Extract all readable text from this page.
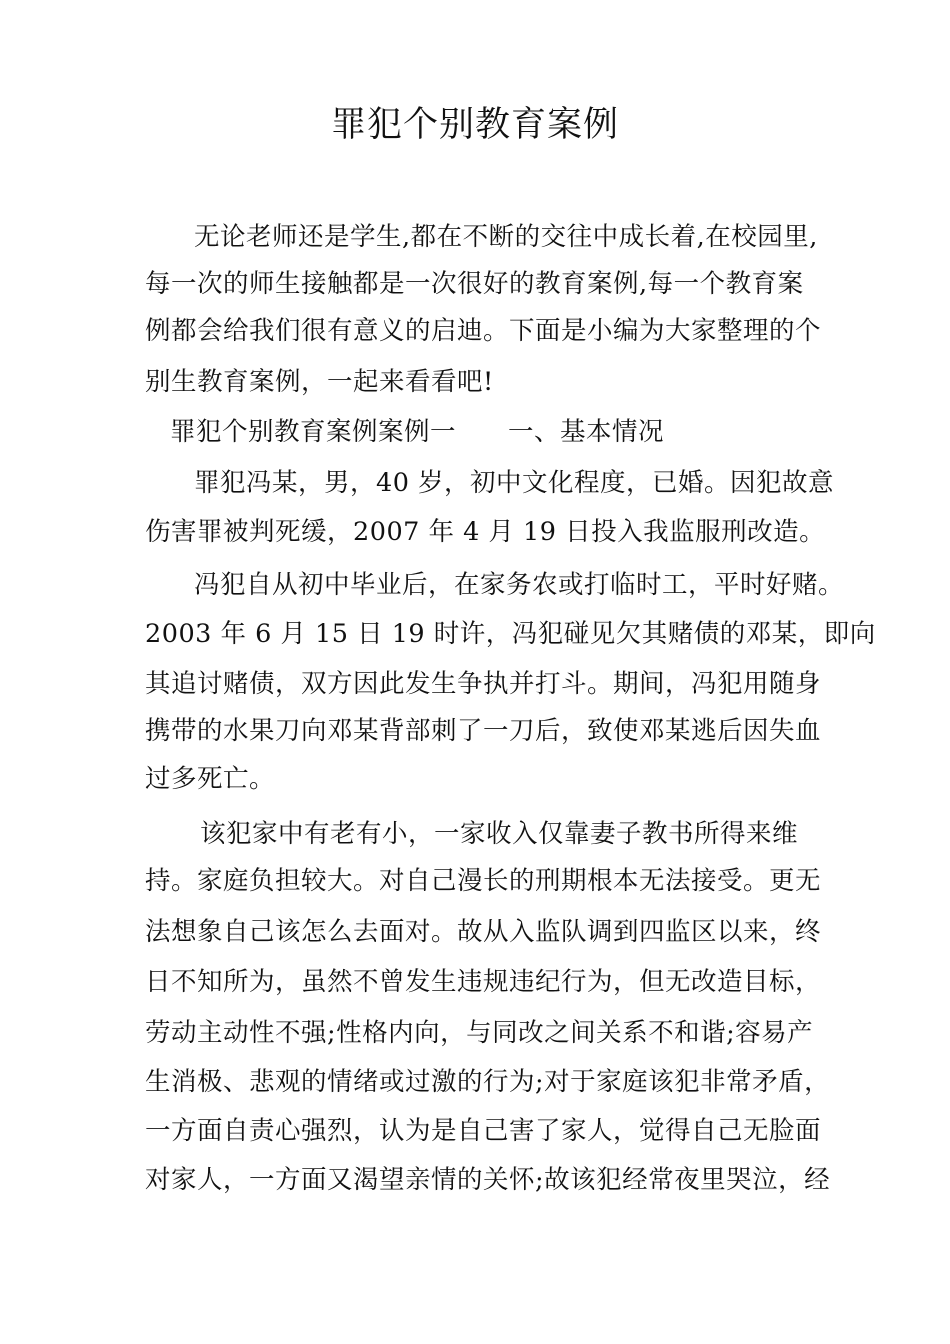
罪犯个别教育案例
无论老师还是学生,都在不断的交往中成长着,在校园里,
每一次的师生接触都是一次很好的教育案例,每一个教育案
例都会给我们很有意义的启迪。下面是小编为大家整理的个
别生教育案例，一起来看看吧!
罪犯个别教育案例案例一　　一、基本情况
罪犯冯某，男，40 岁，初中文化程度，已婚。因犯故意
伤害罪被判死缓，2007 年 4 月 19 日投入我监服刑改造。
冯犯自从初中毕业后，在家务农或打临时工，平时好赌。
2003 年 6 月 15 日 19 时许，冯犯碰见欠其赌债的邓某，即向
其追讨赌债，双方因此发生争执并打斗。期间，冯犯用随身
携带的水果刀向邓某背部刺了一刀后，致使邓某逃后因失血
过多死亡。
该犯家中有老有小，一家收入仅靠妻子教书所得来维
持。家庭负担较大。对自己漫长的刑期根本无法接受。更无
法想象自己该怎么去面对。故从入监队调到四监区以来，终
日不知所为，虽然不曾发生违规违纪行为，但无改造目标，
劳动主动性不强;性格内向，与同改之间关系不和谐;容易产
生消极、悲观的情绪或过激的行为;对于家庭该犯非常矛盾，
一方面自责心强烈，认为是自己害了家人，觉得自己无脸面
对家人，一方面又渴望亲情的关怀;故该犯经常夜里哭泣，经
